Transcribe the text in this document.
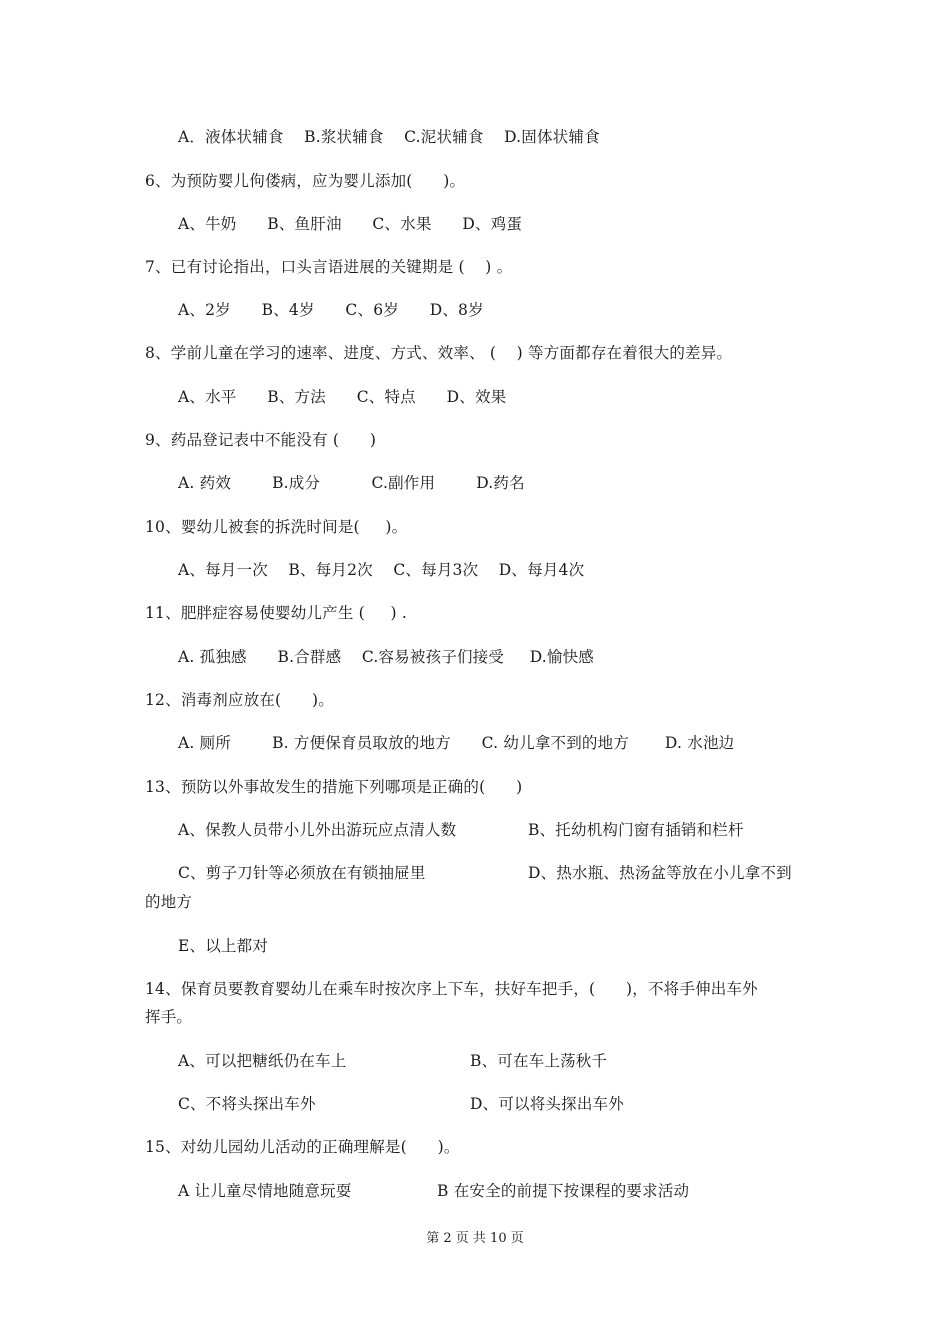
A．液体状辅食    B.浆状辅食    C.泥状辅食    D.固体状辅食
6、为预防婴儿佝偻病，应为婴儿添加(      )。
A、牛奶      B、鱼肝油      C、水果      D、鸡蛋
7、已有讨论指出，口头言语进展的关键期是 (    ) 。
A、2岁      B、4岁      C、6岁      D、8岁
8、学前儿童在学习的速率、进度、方式、效率、 (    ) 等方面都存在着很大的差异。
A、水平      B、方法      C、特点      D、效果
9、药品登记表中不能没有 (      )
A. 药效        B.成分          C.副作用        D.药名
10、婴幼儿被套的拆洗时间是(     )。
A、每月一次    B、每月2次    C、每月3次    D、每月4次
11、肥胖症容易使婴幼儿产生 (     ) .
A. 孤独感      B.合群感    C.容易被孩子们接受     D.愉快感
12、消毒剂应放在(      )。
A. 厕所        B. 方便保育员取放的地方      C. 幼儿拿不到的地方       D. 水池边
13、预防以外事故发生的措施下列哪项是正确的(      )
A、保教人员带小儿外出游玩应点清人数	B、托幼机构门窗有插销和栏杆
C、剪子刀针等必须放在有锁抽屉里	D、热水瓶、热汤盆等放在小儿拿不到
的地方
E、以上都对
14、保育员要教育婴幼儿在乘车时按次序上下车，扶好车把手，(      )，不将手伸出车外
挥手。
A、可以把糖纸仍在车上	B、可在车上荡秋千
C、不将头探出车外	D、可以将头探出车外
15、对幼儿园幼儿活动的正确理解是(      )。
A 让儿童尽情地随意玩耍	B 在安全的前提下按课程的要求活动
第 2 页 共 10 页
